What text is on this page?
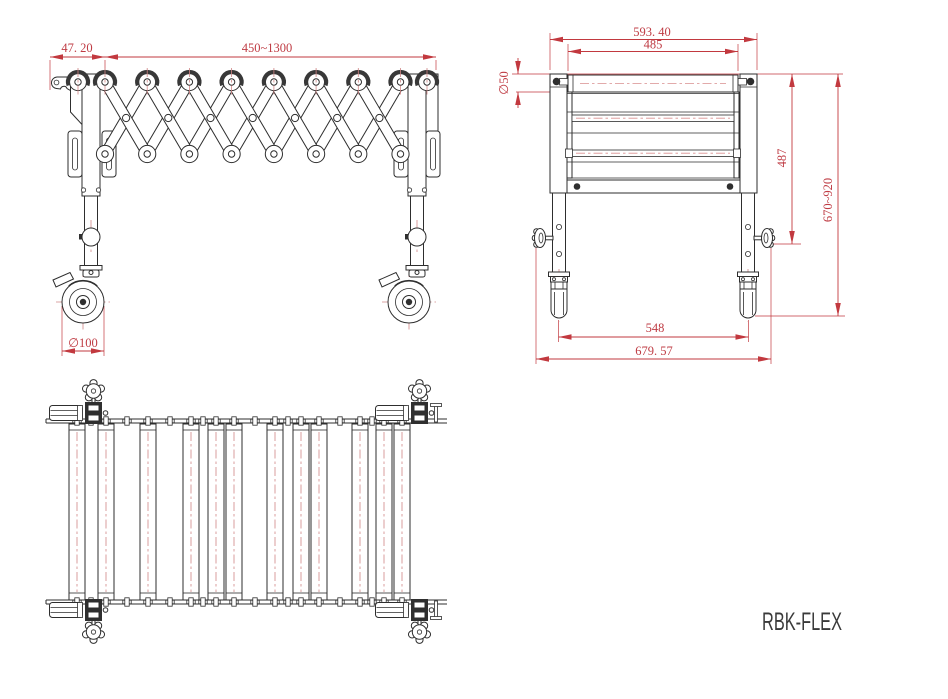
47. 20	450~1300
∅100
593. 40
485
∅50
487
670~920
548
679. 57
RBK-FLEX
